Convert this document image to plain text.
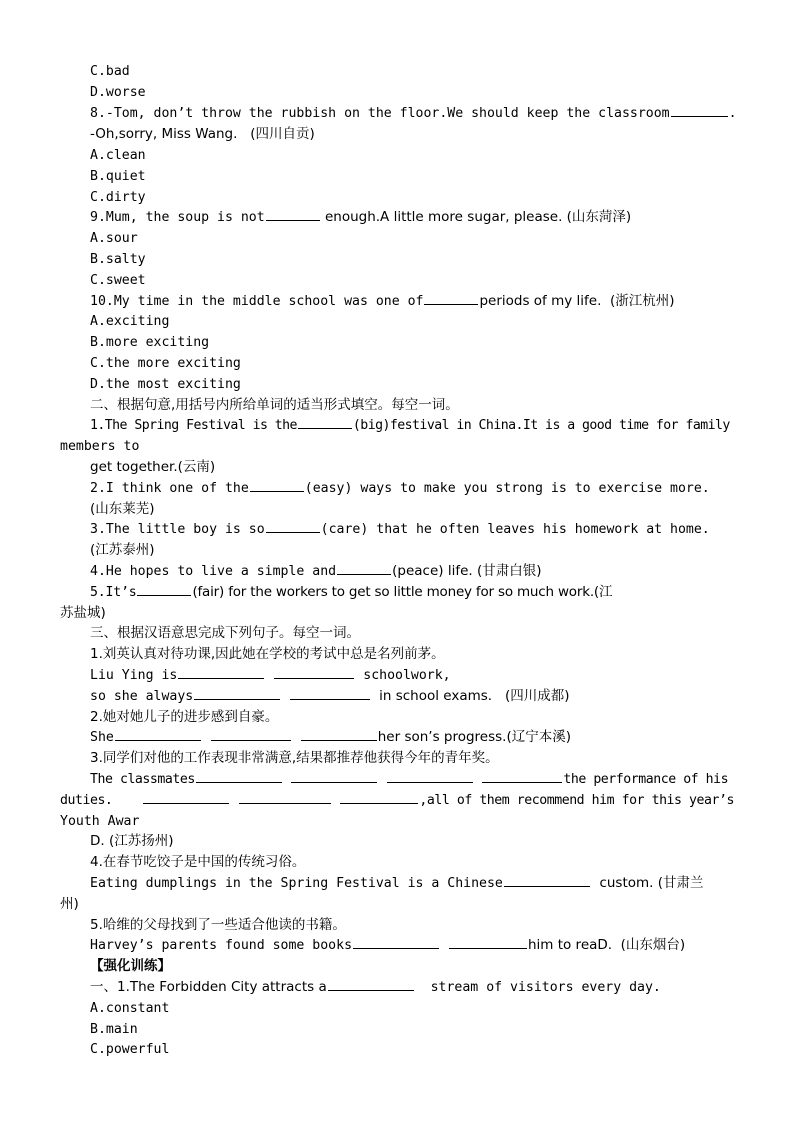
C.bad
D.worse
8.-Tom, don’t throw the rubbish on the floor.We should keep the classroom	.
-Oh,sorry, Miss Wang.   (四川自贡)
A.clean
B.quiet
C.dirty
9.Mum, the soup is not	enough.A little more sugar, please. (山东菏泽)
A.sour
B.salty
C.sweet
10.My time in the middle school was one of	periods of my life.  (浙江杭州)
A.exciting
B.more exciting
C.the more exciting
D.the most exciting
二、根据句意,用括号内所给单词的适当形式填空。每空一词。
1.The Spring Festival is the	(big)festival in China.It is a good time for family
members to
get together.(云南)
2.I think one of the	(easy) ways to make you strong is to exercise more.
(山东莱芜)
3.The little boy is so	(care) that he often leaves his homework at home.
(江苏泰州)
4.He hopes to live a simple and	(peace) life. (甘肃白银)
5.It’s	(fair) for the workers to get so little money for so much work.(江
苏盐城)
三、根据汉语意思完成下列句子。每空一词。
1.刘英认真对待功课,因此她在学校的考试中总是名列前茅。
Liu Ying is	schoolwork,
so she always	in school exams.   (四川成都)
2.她对她儿子的进步感到自豪。
She	her son’s progress.(辽宁本溪)
3.同学们对他的工作表现非常满意,结果都推荐他获得今年的青年奖。
The classmates	the performance of his
duties.	,all of them recommend him for this year’s
Youth Awar
D. (江苏扬州)
4.在春节吃饺子是中国的传统习俗。
Eating dumplings in the Spring Festival is a Chinese	custom. (甘肃兰
州)
5.哈维的父母找到了一些适合他读的书籍。
Harvey’s parents found some books	him to reaD.  (山东烟台)
【强化训练】
一、1.The Forbidden City attracts a	stream of visitors every day.
A.constant
B.main
C.powerful
